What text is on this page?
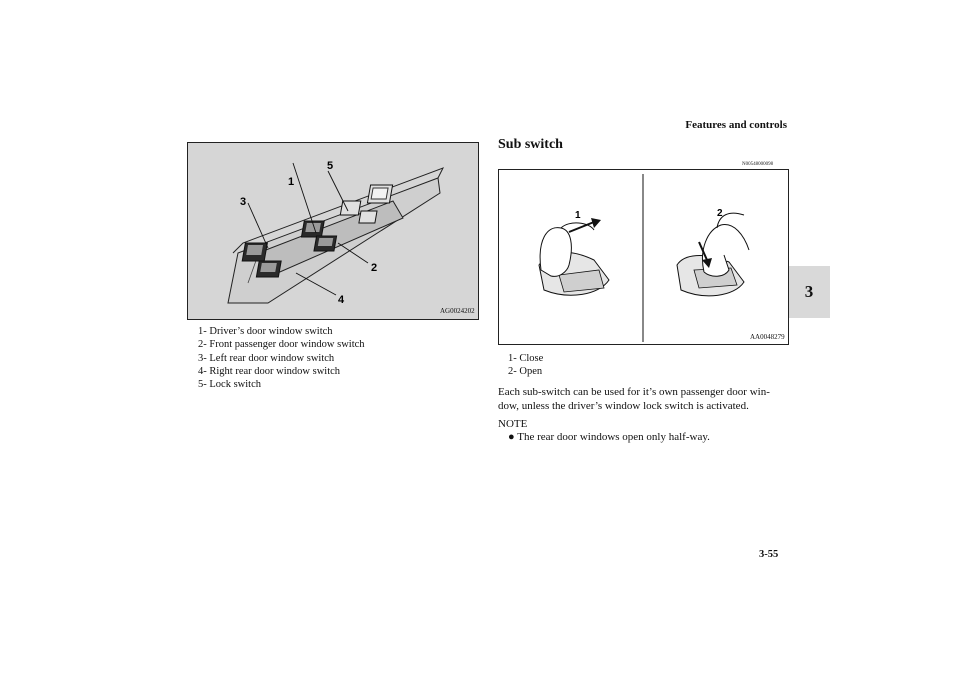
Features and controls
3
1
2
3
4
5
AG0024202
1- Driver’s door window switch
2- Front passenger door window switch
3- Left rear door window switch
4- Right rear door window switch
5- Lock switch
Sub switch
N00548000098
1	2
AA0048279
1- Close
2- Open
Each sub-switch can be used for it’s own passenger door win-
dow, unless the driver’s window lock switch is activated.
NOTE
● The rear door windows open only half-way.
3-55
